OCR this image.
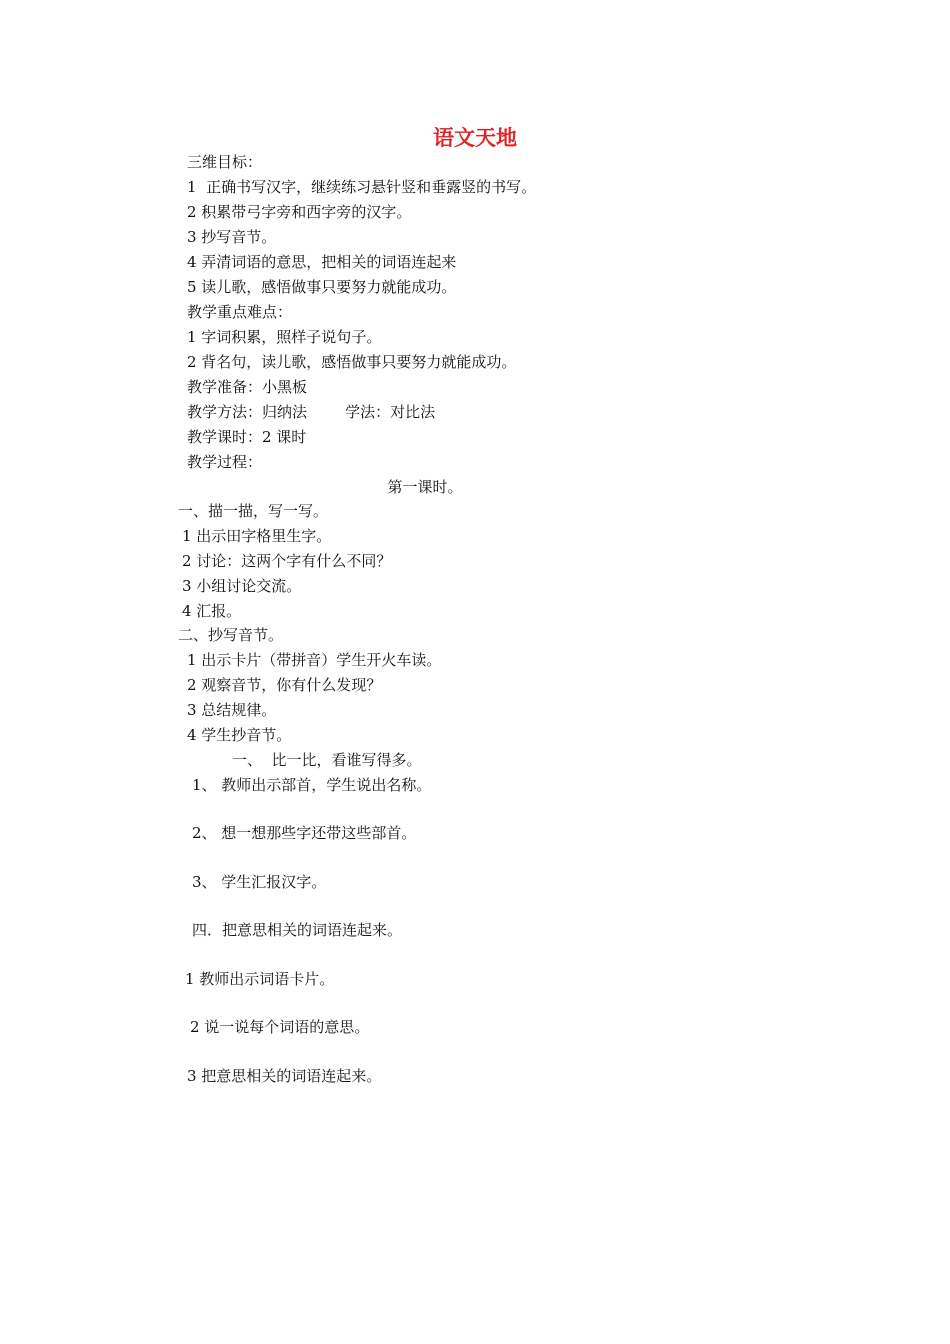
语文天地

三维目标：

1  正确书写汉字，继续练习悬针竖和垂露竖的书写。

2 积累带弓字旁和西字旁的汉字。

3 抄写音节。

4 弄清词语的意思，把相关的词语连起来

5 读儿歌，感悟做事只要努力就能成功。

教学重点难点：

1 字词积累，照样子说句子。

2 背名句，读儿歌，感悟做事只要努力就能成功。

教学准备：小黑板

教学方法：归纳法        学法：对比法

教学课时：2 课时

教学过程：

第一课时。

一、描一描，写一写。

1 出示田字格里生字。

2 讨论：这两个字有什么不同？

3 小组讨论交流。

4 汇报。

二、抄写音节。

1 出示卡片（带拼音）学生开火车读。

2 观察音节，你有什么发现？

3 总结规律。

4 学生抄音节。

一、  比一比，看谁写得多。

1、 教师出示部首，学生说出名称。

2、 想一想那些字还带这些部首。

3、 学生汇报汉字。

四．把意思相关的词语连起来。

1 教师出示词语卡片。

2 说一说每个词语的意思。

3 把意思相关的词语连起来。
